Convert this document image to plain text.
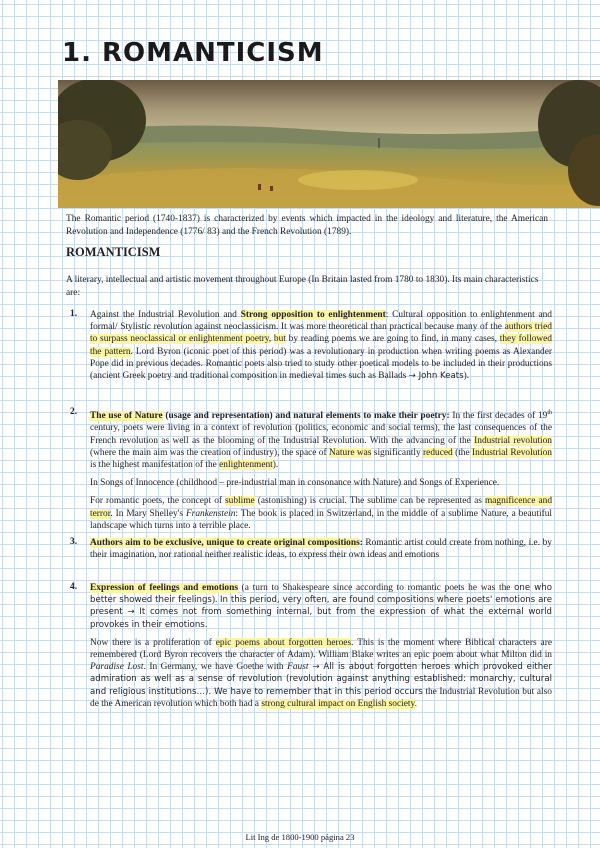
1. ROMANTICISM

The Romantic period (1740-1837) is characterized by events which impacted in the ideology and literature, the American Revolution and Independence (1776/ 83) and the French Revolution (1789).

ROMANTICISM

A literary, intellectual and artistic movement throughout Europe (In Britain lasted from 1780 to 1830). Its main characteristics are:

1. Against the Industrial Revolution and Strong opposition to enlightenment: Cultural opposition to enlightenment and formal/ Stylistic revolution against neoclassicism. It was more theoretical than practical because many of the authors tried to surpass neoclassical or enlightenment poetry, but by reading poems we are going to find, in many cases, they followed the pattern. Lord Byron (iconic poet of this period) was a revolutionary in production when writing poems as Alexander Pope did in previous decades. Romantic poets also tried to study other poetical models to be included in their productions (ancient Greek poetry and traditional composition in medieval times such as Ballads → John Keats).

2. The use of Nature (usage and representation) and natural elements to make their poetry: In the first decades of 19th century, poets were living in a context of revolution (politics, economic and social terms), the last consequences of the French revolution as well as the blooming of the Industrial Revolution. With the advancing of the Industrial revolution (where the main aim was the creation of industry), the space of Nature was significantly reduced (the Industrial Revolution is the highest manifestation of the enlightenment).

In Songs of Innocence (childhood – pre-industrial man in consonance with Nature) and Songs of Experience.

For romantic poets, the concept of sublime (astonishing) is crucial. The sublime can be represented as magnificence and terror. In Mary Shelley's Frankenstein: The book is placed in Switzerland, in the middle of a sublime Nature, a beautiful landscape which turns into a terrible place.

3. Authors aim to be exclusive, unique to create original compositions: Romantic artist could create from nothing, i.e. by their imagination, nor rational neither realistic ideas, to express their own ideas and emotions

4. Expression of feelings and emotions (a turn to Shakespeare since according to romantic poets he was the one who better showed their feelings). In this period, very often, are found compositions where poets' emotions are present → It comes not from something internal, but from the expression of what the external world provokes in their emotions.

Now there is a proliferation of epic poems about forgotten heroes. This is the moment where Biblical characters are remembered (Lord Byron recovers the character of Adam). William Blake writes an epic poem about what Milton did in Paradise Lost. In Germany, we have Goethe with Faust → All is about forgotten heroes which provoked either admiration as well as a sense of revolution (revolution against anything established: monarchy, cultural and religious institutions…). We have to remember that in this period occurs the Industrial Revolution but also de the American revolution which both had a strong cultural impact on English society.

Lit Ing de 1800-1900 página 23
